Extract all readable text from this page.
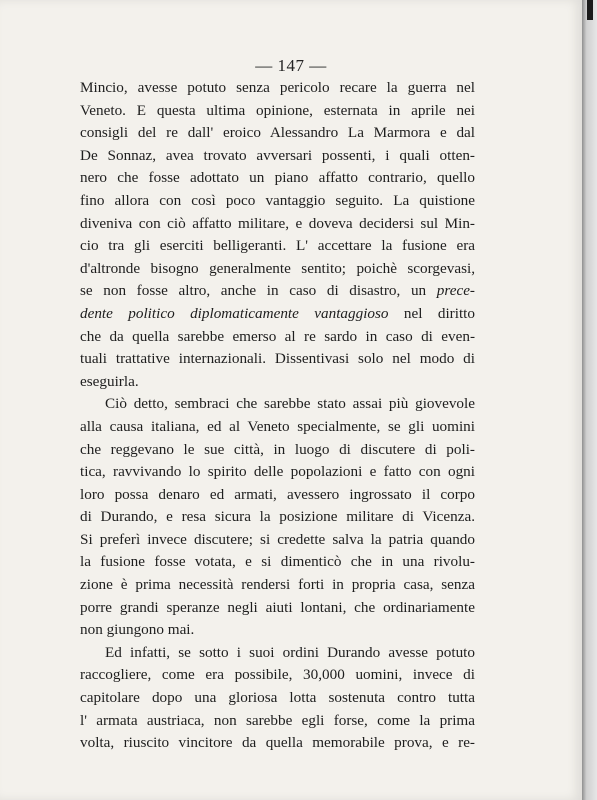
— 147 —
Mincio, avesse potuto senza pericolo recare la guerra nel
Veneto. E questa ultima opinione, esternata in aprile nei
consigli del re dall' eroico Alessandro La Marmora e dal
De Sonnaz, avea trovato avversari possenti, i quali otten-
nero che fosse adottato un piano affatto contrario, quello
fino allora con così poco vantaggio seguito. La quistione
diveniva con ciò affatto militare, e doveva decidersi sul Min-
cio tra gli eserciti belligeranti. L' accettare la fusione era
d'altronde bisogno generalmente sentito; poichè scorgevasi,
se non fosse altro, anche in caso di disastro, un prece-
dente politico diplomaticamente vantaggioso nel diritto
che da quella sarebbe emerso al re sardo in caso di even-
tuali trattative internazionali. Dissentivasi solo nel modo di
eseguirla.
Ciò detto, sembraci che sarebbe stato assai più giovevole
alla causa italiana, ed al Veneto specialmente, se gli uomini
che reggevano le sue città, in luogo di discutere di poli-
tica, ravvivando lo spirito delle popolazioni e fatto con ogni
loro possa denaro ed armati, avessero ingrossato il corpo
di Durando, e resa sicura la posizione militare di Vicenza.
Si preferì invece discutere; si credette salva la patria quando
la fusione fosse votata, e si dimenticò che in una rivolu-
zione è prima necessità rendersi forti in propria casa, senza
porre grandi speranze negli aiuti lontani, che ordinariamente
non giungono mai.
Ed infatti, se sotto i suoi ordini Durando avesse potuto
raccogliere, come era possibile, 30,000 uomini, invece di
capitolare dopo una gloriosa lotta sostenuta contro tutta
l' armata austriaca, non sarebbe egli forse, come la prima
volta, riuscito vincitore da quella memorabile prova, e re-
